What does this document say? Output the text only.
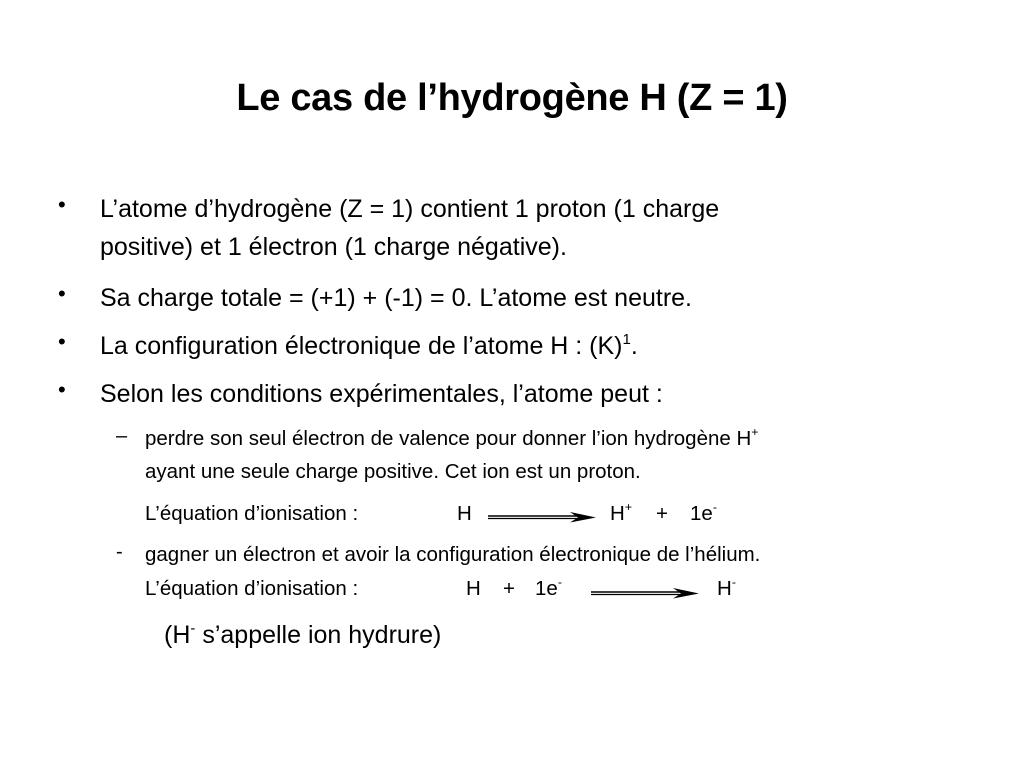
Le cas de l’hydrogène H (Z = 1)
• L’atome d’hydrogène (Z = 1) contient 1 proton (1 charge
positive) et 1 électron (1 charge négative).
• Sa charge totale = (+1) + (-1) = 0. L’atome est neutre.
• La configuration électronique de l’atome H : $(K)^1$.
• Selon les conditions expérimentales, l’atome peut :
– perdre son seul électron de valence pour donner l’ion hydrogène H+
ayant une seule charge positive. Cet ion est un proton.
L’équation d’ionisation :	H	H+ + 1e-
- gagner un électron et avoir la configuration électronique de l’hélium.
L’équation d’ionisation :	H + 1e-	H-
(H- s’appelle ion hydrure)
